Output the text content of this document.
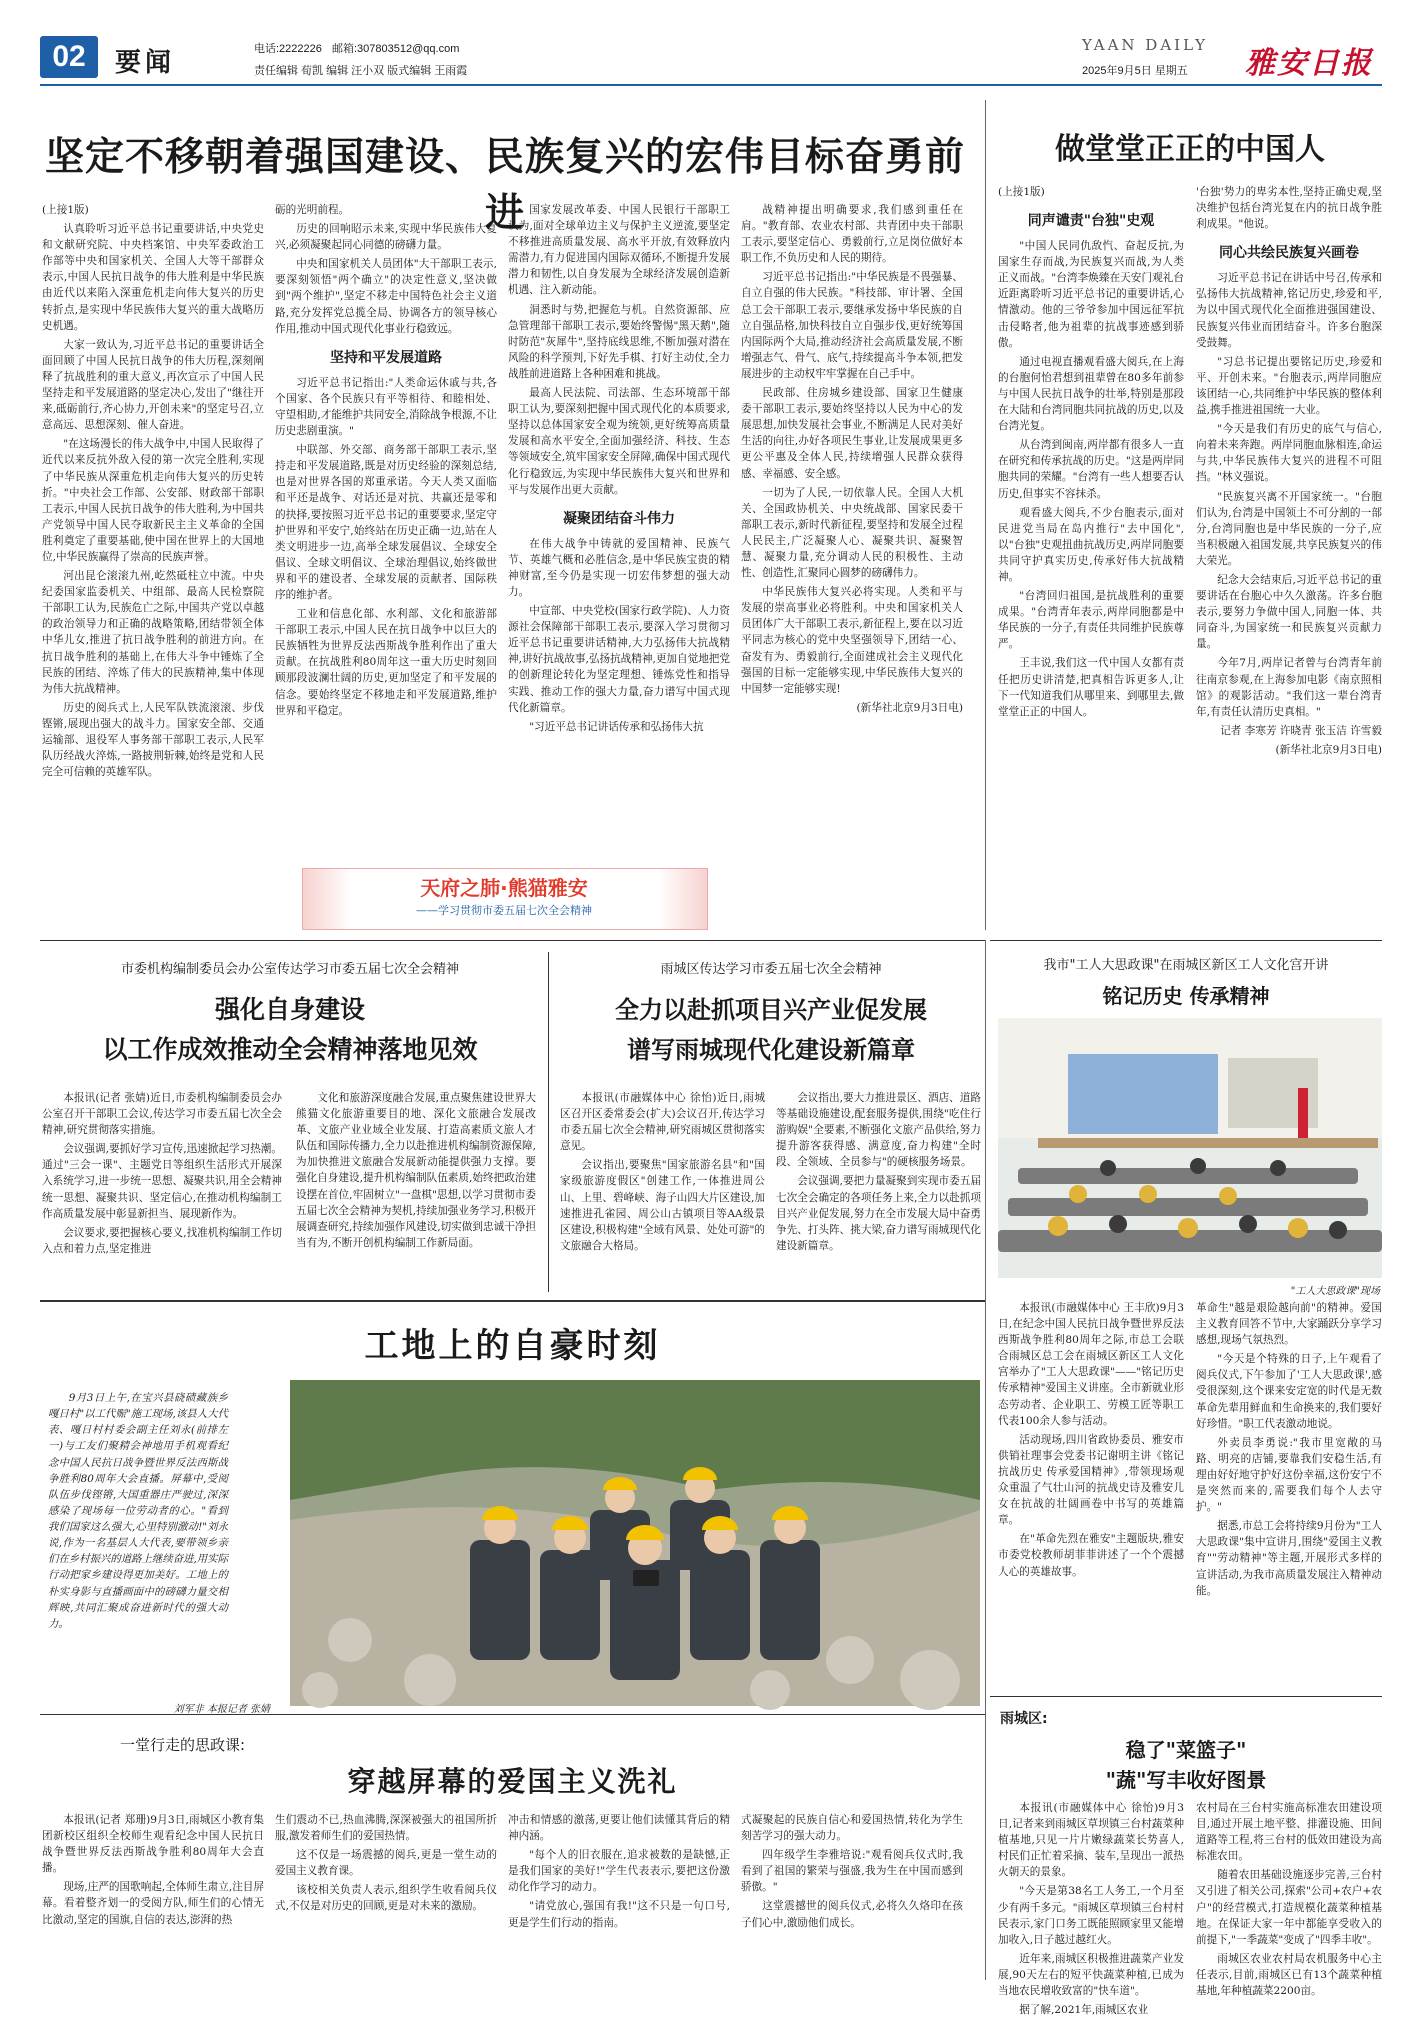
02	要闻	电话:2222226 邮箱:307803512@qq.com
责任编辑 荀凯 编辑 汪小双 版式编辑 王雨霞
YAAN DAILY
2025年9月5日 星期五 雅安日报
坚定不移朝着强国建设、民族复兴的宏伟目标奋勇前进

(上接1版)

认真聆听习近平总书记重要讲话,中央党史和文献研究院、中央档案馆、中央军委政治工作部等中央和国家机关、全国人大等干部群众表示,中国人民抗日战争的伟大胜利是中华民族由近代以来陷入深重危机走向伟大复兴的历史转折点,是实现中华民族伟大复兴的重大战略历史机遇。

大家一致认为,习近平总书记的重要讲话全面回顾了中国人民抗日战争的伟大历程,深刻阐释了抗战胜利的重大意义,再次宣示了中国人民坚持走和平发展道路的坚定决心,发出了"继往开来,砥砺前行,齐心协力,开创未来"的坚定号召,立意高远、思想深刻、催人奋进。

"在这场漫长的伟大战争中,中国人民取得了近代以来反抗外敌入侵的第一次完全胜利,实现了中华民族从深重危机走向伟大复兴的历史转折。"中央社会工作部、公安部、财政部干部职工表示,中国人民抗日战争的伟大胜利,为中国共产党领导中国人民夺取新民主主义革命的全国胜利奠定了重要基础,使中国在世界上的大国地位,中华民族赢得了崇高的民族声誉。

河出昆仑滚滚九州,屹然砥柱立中流。中央纪委国家监委机关、中组部、最高人民检察院干部职工认为,民族危亡之际,中国共产党以卓越的政治领导力和正确的战略策略,团结带领全体中华儿女,推进了抗日战争胜利的前进方向。在抗日战争胜利的基础上,在伟大斗争中锤炼了全民族的团结、淬炼了伟大的民族精神,集中体现为伟大抗战精神。

历史的阅兵式上,人民军队铁流滚滚、步伐铿锵,展现出强大的战斗力。国家安全部、交通运输部、退役军人事务部干部职工表示,人民军队历经战火淬炼,一路披荆斩棘,始终是党和人民完全可信赖的英雄军队。

砺的光明前程。

历史的回响昭示未来,实现中华民族伟大复兴,必须凝聚起同心同德的磅礴力量。

中央和国家机关人员团体"大干部职工表示,要深刻领悟"两个确立"的决定性意义,坚决做到"两个维护",坚定不移走中国特色社会主义道路,充分发挥党总揽全局、协调各方的领导核心作用,推动中国式现代化事业行稳致远。

坚持和平发展道路

习近平总书记指出:"人类命运休戚与共,各个国家、各个民族只有平等相待、和睦相处、守望相助,才能维护共同安全,消除战争根源,不让历史悲剧重演。"

中联部、外交部、商务部干部职工表示,坚持走和平发展道路,既是对历史经验的深刻总结,也是对世界各国的郑重承诺。今天人类又面临和平还是战争、对话还是对抗、共赢还是零和的抉择,要按照习近平总书记的重要要求,坚定守护世界和平安宁,始终站在历史正确一边,站在人类文明进步一边,高举全球发展倡议、全球安全倡议、全球文明倡议、全球治理倡议,始终做世界和平的建设者、全球发展的贡献者、国际秩序的维护者。

工业和信息化部、水利部、文化和旅游部干部职工表示,中国人民在抗日战争中以巨大的民族牺牲为世界反法西斯战争胜利作出了重大贡献。在抗战胜利80周年这一重大历史时刻回顾那段波澜壮阔的历史,更加坚定了和平发展的信念。要始终坚定不移地走和平发展道路,维护世界和平稳定。

国家发展改革委、中国人民银行干部职工认为,面对全球单边主义与保护主义逆流,要坚定不移推进高质量发展、高水平开放,有效释放内需潜力,有力促进国内国际双循环,不断提升发展潜力和韧性,以自身发展为全球经济发展创造新机遇、注入新动能。

洞悉时与势,把握危与机。自然资源部、应急管理部干部职工表示,要始终警惕"黑天鹅",随时防范"灰犀牛",坚持底线思维,不断加强对潜在风险的科学预判,下好先手棋、打好主动仗,全力战胜前进道路上各种困难和挑战。

最高人民法院、司法部、生态环境部干部职工认为,要深刻把握中国式现代化的本质要求,坚持以总体国家安全观为统领,更好统筹高质量发展和高水平安全,全面加强经济、科技、生态等领域安全,筑牢国家安全屏障,确保中国式现代化行稳致远,为实现中华民族伟大复兴和世界和平与发展作出更大贡献。

凝聚团结奋斗伟力

在伟大战争中铸就的爱国精神、民族气节、英雄气概和必胜信念,是中华民族宝贵的精神财富,至今仍是实现一切宏伟梦想的强大动力。

中宣部、中央党校(国家行政学院)、人力资源社会保障部干部职工表示,要深入学习贯彻习近平总书记重要讲话精神,大力弘扬伟大抗战精神,讲好抗战故事,弘扬抗战精神,更加自觉地把党的创新理论转化为坚定理想、锤炼党性和指导实践、推动工作的强大力量,奋力谱写中国式现代化新篇章。

"习近平总书记讲话传承和弘扬伟大抗

战精神提出明确要求,我们感到重任在肩。"教育部、农业农村部、共青团中央干部职工表示,要坚定信心、勇毅前行,立足岗位做好本职工作,不负历史和人民的期待。

习近平总书记指出:"中华民族是不畏强暴、自立自强的伟大民族。"科技部、审计署、全国总工会干部职工表示,要继承发扬中华民族的自立自强品格,加快科技自立自强步伐,更好统筹国内国际两个大局,推动经济社会高质量发展,不断增强志气、骨气、底气,持续提高斗争本领,把发展进步的主动权牢牢掌握在自己手中。

民政部、住房城乡建设部、国家卫生健康委干部职工表示,要始终坚持以人民为中心的发展思想,加快发展社会事业,不断满足人民对美好生活的向往,办好各项民生事业,让发展成果更多更公平惠及全体人民,持续增强人民群众获得感、幸福感、安全感。

一切为了人民,一切依靠人民。全国人大机关、全国政协机关、中央统战部、国家民委干部职工表示,新时代新征程,要坚持和发展全过程人民民主,广泛凝聚人心、凝聚共识、凝聚智慧、凝聚力量,充分调动人民的积极性、主动性、创造性,汇聚同心圆梦的磅礴伟力。

中华民族伟大复兴必将实现。人类和平与发展的崇高事业必将胜利。中央和国家机关人员团体广大干部职工表示,新征程上,要在以习近平同志为核心的党中央坚强领导下,团结一心、奋发有为、勇毅前行,全面建成社会主义现代化强国的目标一定能够实现,中华民族伟大复兴的中国梦一定能够实现!

(新华社北京9月3日电)

做堂堂正正的中国人

(上接1版)

同声谴责"台独"史观

"中国人民同仇敌忾、奋起反抗,为国家生存而战,为民族复兴而战,为人类正义而战。"台湾李焕臻在天安门观礼台近距离聆听习近平总书记的重要讲话,心情激动。他的三爷爷参加中国远征军抗击侵略者,他为祖辈的抗战事迹感到骄傲。

通过电视直播观看盛大阅兵,在上海的台胞何怡君想到祖辈曾在80多年前参与中国人民抗日战争的壮举,特别是那段在大陆和台湾同胞共同抗战的历史,以及台湾光复。

从台湾到闽南,两岸都有很多人一直在研究和传承抗战的历史。"这是两岸同胞共同的荣耀。"台湾有一些人想要否认历史,但事实不容抹杀。

观看盛大阅兵,不少台胞表示,面对民进党当局在岛内推行"去中国化",以"台独"史观扭曲抗战历史,两岸同胞要共同守护真实历史,传承好伟大抗战精神。

"台湾回归祖国,是抗战胜利的重要成果。"台湾青年表示,两岸同胞都是中华民族的一分子,有责任共同维护民族尊严。

王丰说,我们这一代中国人女都有责任把历史讲清楚,把真相告诉更多人,让下一代知道我们从哪里来、到哪里去,做堂堂正正的中国人。

'台独'势力的卑劣本性,坚持正确史观,坚决维护包括台湾光复在内的抗日战争胜利成果。"他说。

同心共绘民族复兴画卷

习近平总书记在讲话中号召,传承和弘扬伟大抗战精神,铭记历史,珍爱和平,为以中国式现代化全面推进强国建设、民族复兴伟业而团结奋斗。许多台胞深受鼓舞。

"习总书记提出要铭记历史,珍爱和平、开创未来。"台胞表示,两岸同胞应该团结一心,共同维护中华民族的整体利益,携手推进祖国统一大业。

"今天是我们有历史的底气与信心,向着未来奔跑。两岸同胞血脉相连,命运与共,中华民族伟大复兴的进程不可阻挡。"林义强说。

"民族复兴离不开国家统一。"台胞们认为,台湾是中国领土不可分割的一部分,台湾同胞也是中华民族的一分子,应当积极融入祖国发展,共享民族复兴的伟大荣光。

纪念大会结束后,习近平总书记的重要讲话在台胞心中久久激荡。许多台胞表示,要努力争做中国人,同胞一体、共同奋斗,为国家统一和民族复兴贡献力量。

今年7月,两岸记者曾与台湾青年前往南京参观,在上海参加电影《南京照相馆》的观影活动。"我们这一辈台湾青年,有责任认清历史真相。"

记者 李寒芳 许晓青 张玉洁 许雪毅

(新华社北京9月3日电)

天府之肺·熊猫雅安
——学习贯彻市委五届七次全会精神
市委机构编制委员会办公室传达学习市委五届七次全会精神
强化自身建设
以工作成效推动全会精神落地见效

本报讯(记者 张婧)近日,市委机构编制委员会办公室召开干部职工会议,传达学习市委五届七次全会精神,研究贯彻落实措施。

会议强调,要抓好学习宣传,迅速掀起学习热潮。通过"三会一课"、主题党日等组织生活形式开展深入系统学习,进一步统一思想、凝聚共识,用全会精神统一思想、凝聚共识、坚定信心,在推动机构编制工作高质量发展中彰显新担当、展现新作为。

会议要求,要把握核心要义,找准机构编制工作切入点和着力点,坚定推进

文化和旅游深度融合发展,重点聚焦建设世界大熊猫文化旅游重要目的地、深化文旅融合发展改革、文旅产业业域全业发展、打造高素质文旅人才队伍和国际传播力,全力以赴推进机构编制资源保障,为加快推进文旅融合发展新动能提供强力支撑。要强化自身建设,提升机构编制队伍素质,始终把政治建设摆在首位,牢固树立"一盘棋"思想,以学习贯彻市委五届七次全会精神为契机,持续加强业务学习,积极开展调查研究,持续加强作风建设,切实做到忠诚干净担当有为,不断开创机构编制工作新局面。

雨城区传达学习市委五届七次全会精神
全力以赴抓项目兴产业促发展
谱写雨城现代化建设新篇章

本报讯(市融媒体中心 徐怡)近日,雨城区召开区委常委会(扩大)会议召开,传达学习市委五届七次全会精神,研究雨城区贯彻落实意见。

会议指出,要聚焦"国家旅游名县"和"国家级旅游度假区"创建工作,一体推进周公山、上里、碧峰峡、海子山四大片区建设,加速推进孔雀园、周公山古镇项目等AA级景区建设,积极构建"全域有风景、处处可游"的文旅融合大格局。

会议指出,要大力推进景区、酒店、道路等基础设施建设,配套服务提供,围绕"吃住行游购娱"全要素,不断强化文旅产品供给,努力提升游客获得感、满意度,奋力构建"全时段、全领域、全员参与"的硬核服务场景。

会议强调,要把力量凝聚到实现市委五届七次全会确定的各项任务上来,全力以赴抓项目兴产业促发展,努力在全市发展大局中奋勇争先、打头阵、挑大梁,奋力谱写雨城现代化建设新篇章。

我市"工人大思政课"在雨城区新区工人文化宫开讲
铭记历史 传承精神
"工人大思政课"现场

本报讯(市融媒体中心 王丰欣)9月3日,在纪念中国人民抗日战争暨世界反法西斯战争胜利80周年之际,市总工会联合雨城区总工会在雨城区新区工人文化宫举办了"工人大思政课"——"铭记历史 传承精神"爱国主义讲座。全市新就业形态劳动者、企业职工、劳模工匠等职工代表100余人参与活动。

活动现场,四川省政协委员、雅安市供销社理事会党委书记谢明主讲《铭记抗战历史 传承爱国精神》,带领现场观众重温了气壮山河的抗战史诗及雅安儿女在抗战的壮阔画卷中书写的英雄篇章。

在"革命先烈在雅安"主题版块,雅安市委党校教师胡菲菲讲述了一个个震撼人心的英雄故事。

革命生"越是艰险越向前"的精神。爱国主义教育回答不节中,大家踊跃分享学习感想,现场气氛热烈。

"今天是个特殊的日子,上午观看了阅兵仪式,下午参加了'工人大思政课',感受很深刻,这个课来安定宽的时代是无数革命先辈用鲜血和生命换来的,我们要好好珍惜。"职工代表激动地说。

外卖员李勇说:"我市里宽敞的马路、明亮的店铺,要靠我们安稳生活,有理由好好地守护好这份幸福,这份安宁不是突然而来的,需要我们每个人去守护。"

据悉,市总工会将持续9月份为"工人大思政课"集中宣讲月,围绕"爱国主义教育""劳动精神"等主题,开展形式多样的宣讲活动,为我市高质量发展注入精神动能。

雨城区:
稳了"菜篮子"
"蔬"写丰收好图景

本报讯(市融媒体中心 徐怡)9月3日,记者来到雨城区草坝镇三台村蔬菜种植基地,只见一片片嫩绿蔬菜长势喜人,村民们正忙着采摘、装车,呈现出一派热火朝天的景象。

"今天是第38名工人务工,一个月至少有两千多元。"雨城区草坝镇三台村村民表示,家门口务工既能照顾家里又能增加收入,日子越过越红火。

近年来,雨城区积极推进蔬菜产业发展,90天左右的短平快蔬菜种植,已成为当地农民增收致富的"快车道"。

据了解,2021年,雨城区农业

农村局在三台村实施高标准农田建设项目,通过开展土地平整、排灌设施、田间道路等工程,将三台村的低效田建设为高标准农田。

随着农田基础设施逐步完善,三台村又引进了相关公司,探索"公司+农户+农户"的经营模式,打造规模化蔬菜种植基地。在保证大家一年中都能享受收入的前提下,"一季蔬菜"变成了"四季丰收"。

雨城区农业农村局农机服务中心主任表示,目前,雨城区已有13个蔬菜种植基地,年种植蔬菜2200亩。

工地上的自豪时刻
9月3日上午,在宝兴县硗碛藏族乡嘎日村"以工代赈"施工现场,该县人大代表、嘎日村村委会副主任刘永(前排左一)与工友们聚精会神地用手机观看纪念中国人民抗日战争暨世界反法西斯战争胜利80周年大会直播。屏幕中,受阅队伍步伐铿锵,大国重器庄严驶过,深深感染了现场每一位劳动者的心。"看到我们国家这么强大,心里特别激动!"刘永说,作为一名基层人大代表,要带领乡亲们在乡村振兴的道路上继续奋进,用实际行动把家乡建设得更加美好。工地上的朴实身影与直播画面中的磅礴力量交相辉映,共同汇聚成奋进新时代的强大动力。
刘军非 本报记者 张婧
一堂行走的思政课:
穿越屏幕的爱国主义洗礼

本报讯(记者 郑珊)9月3日,雨城区小教育集团新校区组织全校师生观看纪念中国人民抗日战争暨世界反法西斯战争胜利80周年大会直播。

现场,庄严的国歌响起,全体师生肃立,注目屏幕。看着整齐划一的受阅方队,师生们的心情无比激动,坚定的国旗,自信的表达,澎湃的热

生们震动不已,热血沸腾,深深被强大的祖国所折服,激发着师生们的爱国热情。

这不仅是一场震撼的阅兵,更是一堂生动的爱国主义教育课。

该校相关负责人表示,组织学生收看阅兵仪式,不仅是对历史的回顾,更是对未来的激励。

冲击和情感的激荡,更要让他们读懂其背后的精神内涵。

"每个人的旧衣服在,追求被数的是缺憾,正是我们国家的美好!"学生代表表示,要把这份激动化作学习的动力。

"请党放心,强国有我!"这不只是一句口号,更是学生们行动的指南。

式凝聚起的民族自信心和爱国热情,转化为学生刻苦学习的强大动力。

四年级学生李雅培说:"观看阅兵仪式时,我看到了祖国的繁荣与强盛,我为生在中国而感到骄傲。"

这堂震撼世的阅兵仪式,必将久久烙印在孩子们心中,激励他们成长。
